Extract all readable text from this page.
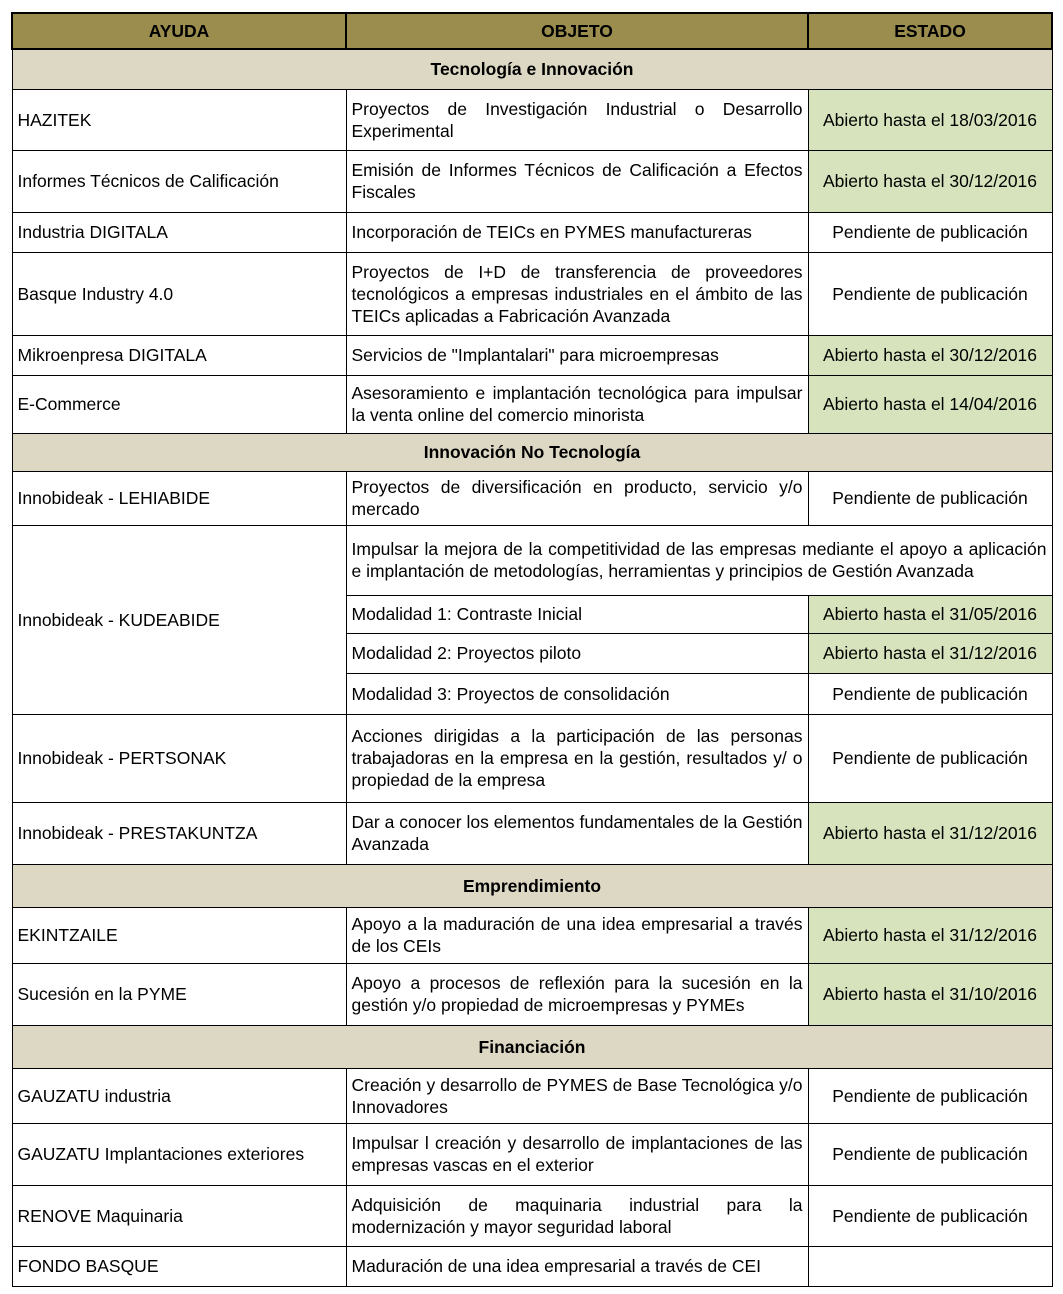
AYUDA	OBJETO	ESTADO
Tecnología e Innovación		
HAZITEK	Proyectos de Investigación Industrial o Desarrollo Experimental	Abierto hasta el 18/03/2016
Informes Técnicos de Calificación	Emisión de Informes Técnicos de Calificación a Efectos Fiscales	Abierto hasta el 30/12/2016
Industria DIGITALA	Incorporación de TEICs en PYMES manufactureras	Pendiente de publicación
Basque Industry 4.0	Proyectos de I+D de transferencia de proveedores tecnológicos a empresas industriales en el ámbito de las TEICs aplicadas a Fabricación Avanzada	Pendiente de publicación
Mikroenpresa DIGITALA	Servicios de "Implantalari" para microempresas	Abierto hasta el 30/12/2016
E-Commerce	Asesoramiento e implantación tecnológica para impulsar la venta online del comercio minorista	Abierto hasta el 14/04/2016
Innovación No Tecnología		
Innobideak - LEHIABIDE	Proyectos de diversificación en producto, servicio y/o mercado	Pendiente de publicación
Innobideak - KUDEABIDE	Impulsar la mejora de la competitividad de las empresas mediante el apoyo a aplicación e implantación de metodologías, herramientas y principios de Gestión Avanzada	
	Modalidad 1: Contraste Inicial	Abierto hasta el 31/05/2016
	Modalidad 2: Proyectos piloto	Abierto hasta el 31/12/2016
	Modalidad 3: Proyectos de consolidación	Pendiente de publicación
Innobideak - PERTSONAK	Acciones dirigidas a la participación de las personas trabajadoras en la empresa en la gestión, resultados y/ o propiedad de la empresa	Pendiente de publicación
Innobideak - PRESTAKUNTZA	Dar a conocer los elementos fundamentales de la Gestión Avanzada	Abierto hasta el 31/12/2016
Emprendimiento		
EKINTZAILE	Apoyo a la maduración de una idea empresarial a través de los CEIs	Abierto hasta el 31/12/2016
Sucesión en la PYME	Apoyo a procesos de reflexión para la sucesión en la gestión y/o propiedad de microempresas y PYMEs	Abierto hasta el 31/10/2016
Financiación		
GAUZATU industria	Creación y desarrollo de PYMES de Base Tecnológica y/o Innovadores	Pendiente de publicación
GAUZATU Implantaciones exteriores	Impulsar l creación y desarrollo de implantaciones de las empresas vascas en el exterior	Pendiente de publicación
RENOVE Maquinaria	Adquisición de maquinaria industrial para la modernización y mayor seguridad laboral	Pendiente de publicación
FONDO BASQUE	Maduración de una idea empresarial a través de CEI	
